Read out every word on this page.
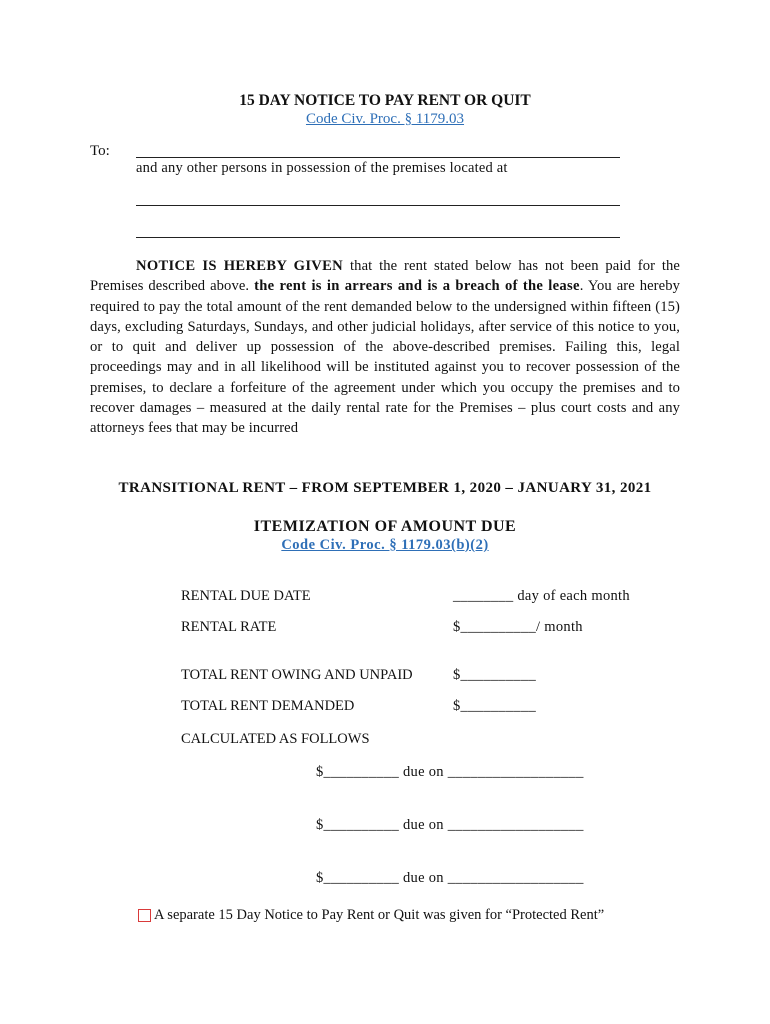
15 DAY NOTICE TO PAY RENT OR QUIT
Code Civ. Proc. § 1179.03
To:
and any other persons in possession of the premises located at
NOTICE IS HEREBY GIVEN that the rent stated below has not been paid for the Premises described above. the rent is in arrears and is a breach of the lease. You are hereby required to pay the total amount of the rent demanded below to the undersigned within fifteen (15) days, excluding Saturdays, Sundays, and other judicial holidays, after service of this notice to you, or to quit and deliver up possession of the above-described premises. Failing this, legal proceedings may and in all likelihood will be instituted against you to recover possession of the premises, to declare a forfeiture of the agreement under which you occupy the premises and to recover damages – measured at the daily rental rate for the Premises – plus court costs and any attorneys fees that may be incurred
TRANSITIONAL RENT – FROM SEPTEMBER 1, 2020 – JANUARY 31, 2021
ITEMIZATION OF AMOUNT DUE
Code Civ. Proc. § 1179.03(b)(2)
RENTAL DUE DATE	________ day of each month
RENTAL RATE	$__________/ month
TOTAL RENT OWING AND UNPAID	$__________
TOTAL RENT DEMANDED	$__________
CALCULATED AS FOLLOWS
$__________ due on __________________
$__________ due on __________________
$__________ due on __________________
A separate 15 Day Notice to Pay Rent or Quit was given for “Protected Rent”
